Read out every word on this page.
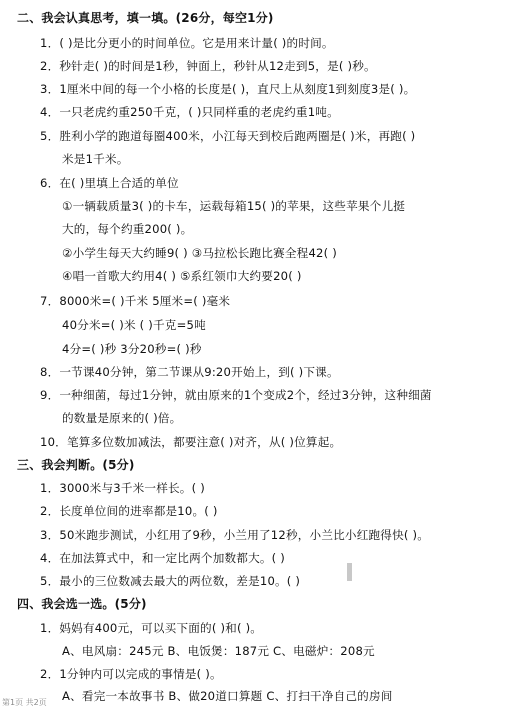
二、我会认真思考，填一填。(26分，每空1分)
1．( )是比分更小的时间单位。它是用来计量( )的时间。
2．秒针走( )的时间是1秒，钟面上，秒针从12走到5，是( )秒。
3．1厘米中间的每一个小格的长度是( )，直尺上从刻度1到刻度3是( )。
4．一只老虎约重250千克，( )只同样重的老虎约重1吨。
5．胜利小学的跑道每圈400米，小江每天到校后跑两圈是( )米，再跑( )
米是1千米。
6．在( )里填上合适的单位
①一辆载质量3( )的卡车，运载每箱15( )的苹果，这些苹果个儿挺
大的，每个约重200( )。
②小学生每天大约睡9( ) ③马拉松长跑比赛全程42( )
④唱一首歌大约用4( ) ⑤系红领巾大约要20( )
7．8000米=( )千米 5厘米=( )毫米
40分米=( )米 ( )千克=5吨
4分=( )秒 3分20秒=( )秒
8．一节课40分钟，第二节课从9:20开始上，到( )下课。
9．一种细菌，每过1分钟，就由原来的1个变成2个，经过3分钟，这种细菌
的数量是原来的( )倍。
10．笔算多位数加减法，都要注意( )对齐，从( )位算起。
三、我会判断。(5分)
1．3000米与3千米一样长。( )
2．长度单位间的进率都是10。( )
3．50米跑步测试，小红用了9秒，小兰用了12秒，小兰比小红跑得快( )。
4．在加法算式中，和一定比两个加数都大。( )
5．最小的三位数减去最大的两位数，差是10。( )
四、我会选一选。(5分)
1．妈妈有400元，可以买下面的( )和( )。
A、电风扇：245元 B、电饭煲：187元 C、电磁炉：208元
2．1分钟内可以完成的事情是( )。
A、看完一本故事书 B、做20道口算题 C、打扫干净自己的房间
第1页 共2页
